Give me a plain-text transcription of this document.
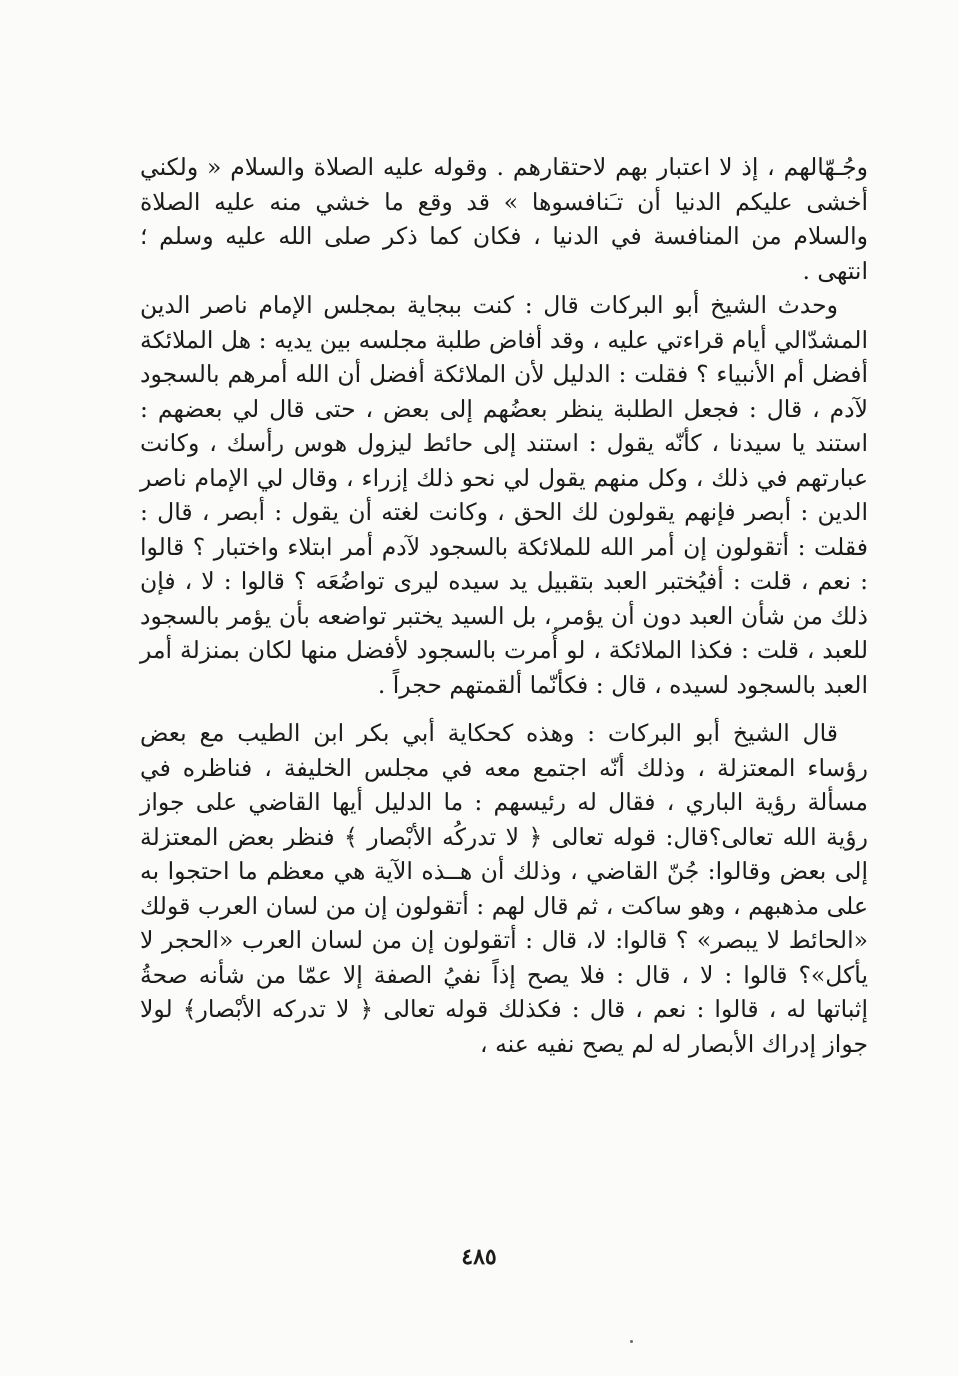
وجُـهّالهم ، إذ لا اعتبار بهم لاحتقارهم . وقوله عليه الصلاة والسلام « ولكني أخشى عليكم الدنيا أن تـَنافسوها » قد وقع ما خشي منه عليه الصلاة والسلام من المنافسة في الدنيا ، فكان كما ذكر صلى الله عليه وسلم ؛ انتهى .

وحدث الشيخ أبو البركات قال : كنت ببجاية بمجلس الإمام ناصر الدين المشدّالي أيام قراءتي عليه ، وقد أفاض طلبة مجلسه بين يديه : هل الملائكة أفضل أم الأنبياء ؟ فقلت : الدليل لأن الملائكة أفضل أن الله أمرهم بالسجود لآدم ، قال : فجعل الطلبة ينظر بعضُهم إلى بعض ، حتى قال لي بعضهم : استند يا سيدنا ، كأنّه يقول : استند إلى حائط ليزول هوس رأسك ، وكانت عبارتهم في ذلك ، وكل منهم يقول لي نحو ذلك إزراء ، وقال لي الإمام ناصر الدين : أبصر فإنهم يقولون لك الحق ، وكانت لغته أن يقول : أبصر ، قال : فقلت : أتقولون إن أمر الله للملائكة بالسجود لآدم أمر ابتلاء واختبار ؟ قالوا : نعم ، قلت : أفيُختبر العبد بتقبيل يد سيده ليرى تواضُعَه ؟ قالوا : لا ، فإن ذلك من شأن العبد دون أن يؤمر ، بل السيد يختبر تواضعه بأن يؤمر بالسجود للعبد ، قلت : فكذا الملائكة ، لو أُمرت بالسجود لأفضل منها لكان بمنزلة أمر العبد بالسجود لسيده ، قال : فكأنّما ألقمتهم حجراً .

قال الشيخ أبو البركات : وهذه كحكاية أبي بكر ابن الطيب مع بعض رؤساء المعتزلة ، وذلك أنّه اجتمع معه في مجلس الخليفة ، فناظره في مسألة رؤية الباري ، فقال له رئيسهم : ما الدليل أيها القاضي على جواز رؤية الله تعالى؟قال: قوله تعالى ﴿ لا تدركُه الأبْصار ﴾ فنظر بعض المعتزلة إلى بعض وقالوا: جُنّ القاضي ، وذلك أن هــذه الآية هي معظم ما احتجوا به على مذهبهم ، وهو ساكت ، ثم قال لهم : أتقولون إن من لسان العرب قولك «الحائط لا يبصر» ؟ قالوا: لا، قال : أتقولون إن من لسان العرب «الحجر لا يأكل»؟ قالوا : لا ، قال : فلا يصح إذاً نفيُ الصفة إلا عمّا من شأنه صحةُ إثباتها له ، قالوا : نعم ، قال : فكذلك قوله تعالى ﴿ لا تدركه الأبْصار﴾ لولا جواز إدراك الأبصار له لم يصح نفيه عنه ،

٤٨٥
